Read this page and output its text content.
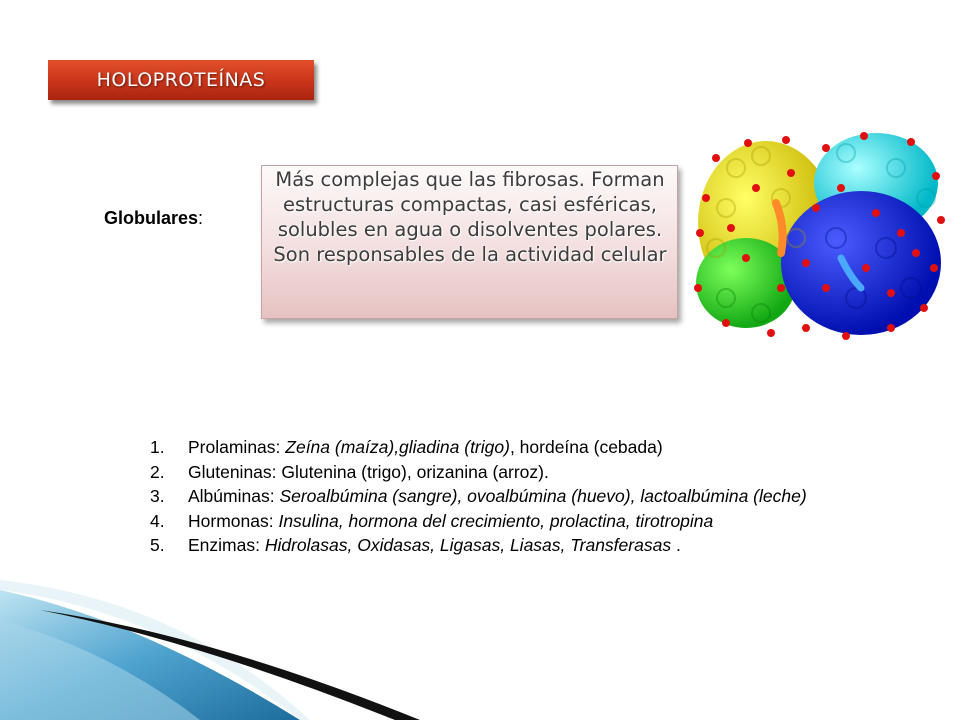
HOLOPROTEÍNAS
Globulares:
Más complejas que las fibrosas. Forman estructuras compactas, casi esféricas, solubles en agua o disolventes polares. Son responsables de la actividad celular
1. Prolaminas: Zeína (maíza),gliadina (trigo), hordeína (cebada)
2. Gluteninas: Glutenina (trigo), orizanina (arroz).
3. Albúminas: Seroalbúmina (sangre), ovoalbúmina (huevo), lactoalbúmina (leche)
4. Hormonas: Insulina, hormona del crecimiento, prolactina, tirotropina
5. Enzimas: Hidrolasas, Oxidasas, Ligasas, Liasas, Transferasas .
